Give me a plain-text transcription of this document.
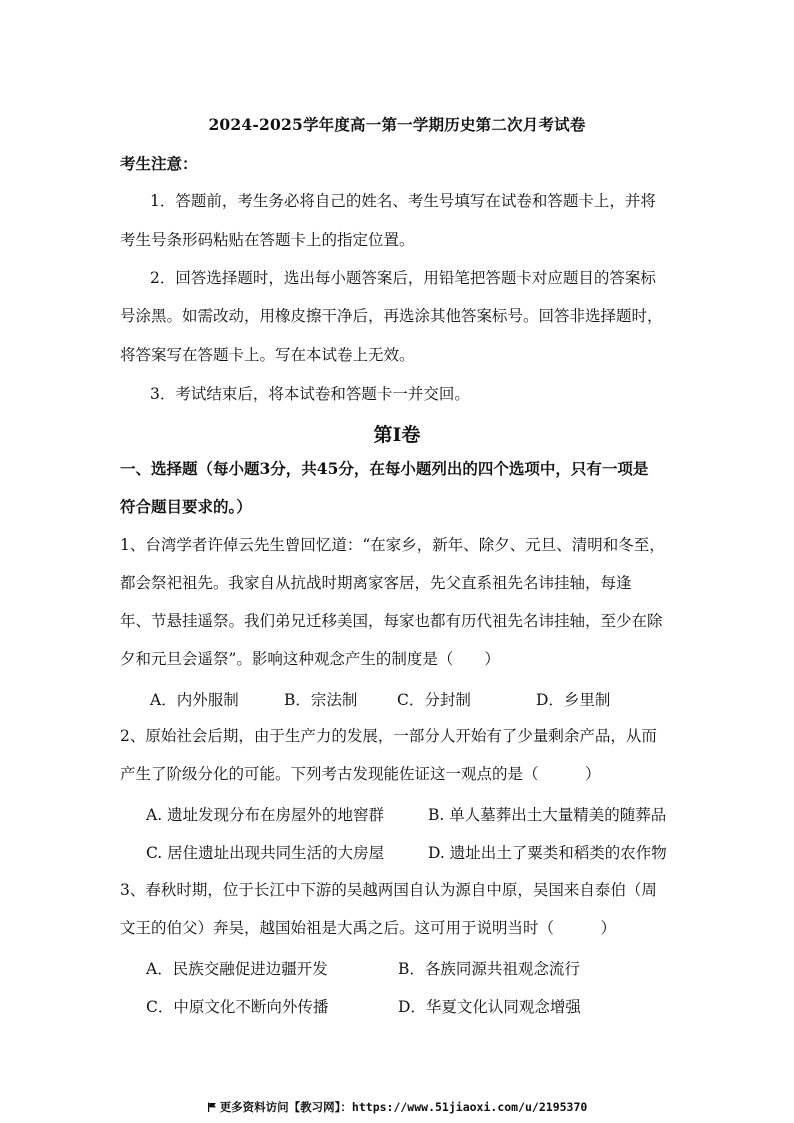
2024-2025学年度高一第一学期历史第二次月考试卷
考生注意：
1．答题前，考生务必将自己的姓名、考生号填写在试卷和答题卡上，并将
考生号条形码粘贴在答题卡上的指定位置。
2．回答选择题时，选出每小题答案后，用铅笔把答题卡对应题目的答案标
号涂黑。如需改动，用橡皮擦干净后，再选涂其他答案标号。回答非选择题时，
将答案写在答题卡上。写在本试卷上无效。
3．考试结束后，将本试卷和答题卡一并交回。
第Ⅰ卷
一、选择题（每小题3分，共45分，在每小题列出的四个选项中，只有一项是
符合题目要求的。）
1、台湾学者许倬云先生曾回忆道：“在家乡，新年、除夕、元旦、清明和冬至，
都会祭祀祖先。我家自从抗战时期离家客居，先父直系祖先名讳挂轴，每逢
年、节悬挂遥祭。我们弟兄迁移美国，每家也都有历代祖先名讳挂轴，至少在除
夕和元旦会遥祭”。影响这种观念产生的制度是（　　）
A．内外服制	B．宗法制	C．分封制	D．乡里制
2、原始社会后期，由于生产力的发展，一部分人开始有了少量剩余产品，从而
产生了阶级分化的可能。下列考古发现能佐证这一观点的是（　　　）
A. 遗址发现分布在房屋外的地窖群	B. 单人墓葬出土大量精美的随葬品
C. 居住遗址出现共同生活的大房屋	D. 遗址出土了粟类和稻类的农作物
3、春秋时期，位于长江中下游的吴越两国自认为源自中原，吴国来自泰伯（周
文王的伯父）奔吴，越国始祖是大禹之后。这可用于说明当时（　　　）
A．民族交融促进边疆开发	B．各族同源共祖观念流行
C．中原文化不断向外传播	D．华夏文化认同观念增强
更多资料访问【教习网】：https://www.51jiaoxi.com/u/2195370
